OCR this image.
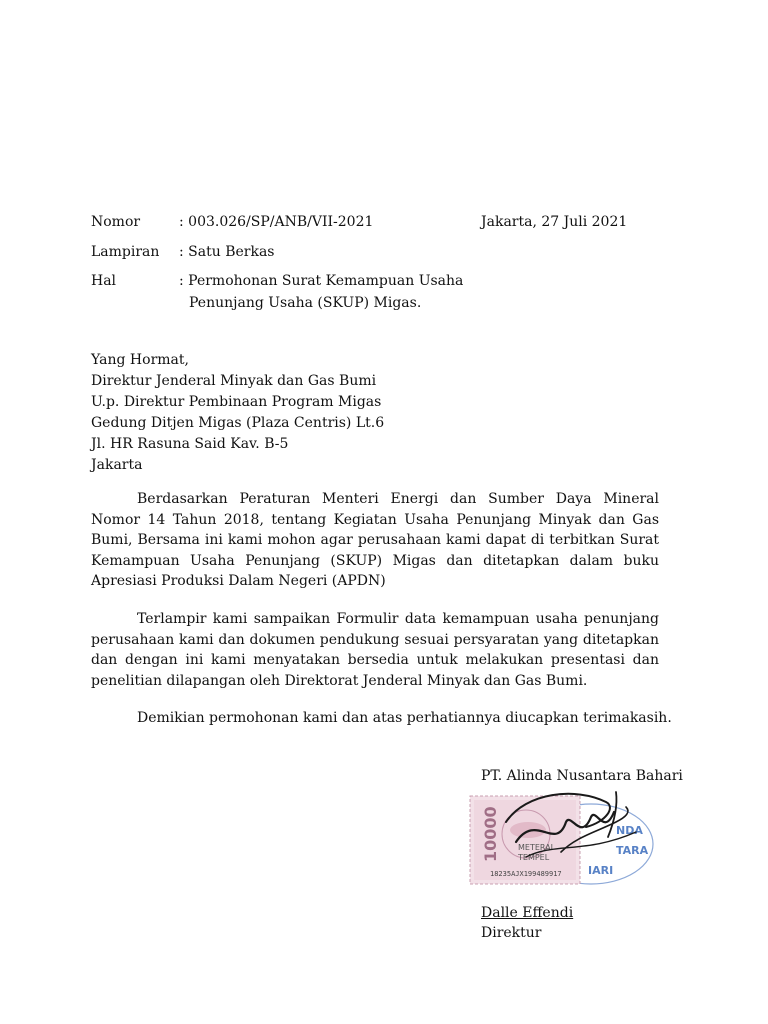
Nomor	: 003.026/SP/ANB/VII-2021	Jakarta, 27 Juli 2021
Lampiran : Satu Berkas
Hal	: Permohonan Surat Kemampuan Usaha
Penunjang Usaha (SKUP) Migas.
Yang Hormat,
Direktur Jenderal Minyak dan Gas Bumi
U.p. Direktur Pembinaan Program Migas
Gedung Ditjen Migas (Plaza Centris) Lt.6
Jl. HR Rasuna Said Kav. B-5
Jakarta
Berdasarkan Peraturan Menteri Energi dan Sumber Daya Mineral Nomor 14 Tahun 2018, tentang Kegiatan Usaha Penunjang Minyak dan Gas Bumi, Bersama ini kami mohon agar perusahaan kami dapat di terbitkan Surat Kemampuan Usaha Penunjang (SKUP) Migas dan ditetapkan dalam buku Apresiasi Produksi Dalam Negeri (APDN)
Terlampir kami sampaikan Formulir data kemampuan usaha penunjang perusahaan kami dan dokumen pendukung sesuai persyaratan yang ditetapkan dan dengan ini kami menyatakan bersedia untuk melakukan presentasi dan penelitian dilapangan oleh Direktorat Jenderal Minyak dan Gas Bumi.
Demikian permohonan kami dan atas perhatiannya diucapkan terimakasih.
PT. Alinda Nusantara Bahari
NDA
TARA
IARI
10000 METERAI
TEMPEL
18235AJX199489917
Dalle Effendi
Direktur
